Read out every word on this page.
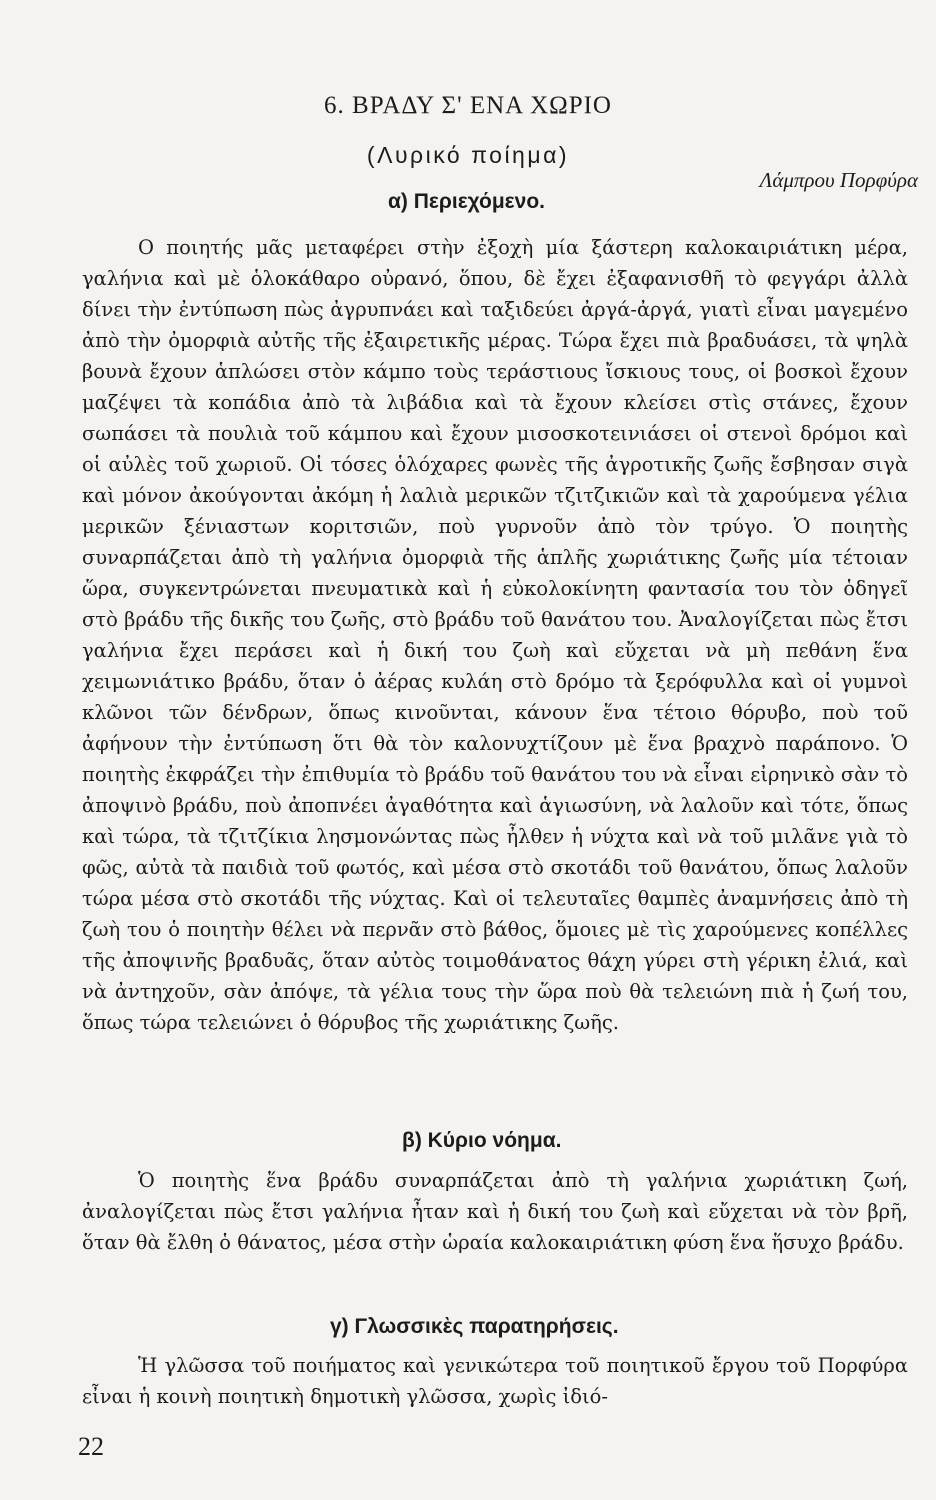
6. ΒΡΑΔΥ Σ' ΕΝΑ ΧΩΡΙΟ
(Λυρικό ποίημα)
Λάμπρου Πορφύρα
α) Περιεχόμενο.

Ο ποιητής μᾶς μεταφέρει στὴν ἐξοχὴ μία ξάστερη καλοκαιριάτικη μέρα, γαλήνια καὶ μὲ ὁλοκάθαρο οὐρανό, ὅπου, δὲ ἔχει ἐξαφανισθῆ τὸ φεγγάρι ἀλλὰ δίνει τὴν ἐντύπωση πὼς ἀγρυπνάει καὶ ταξιδεύει ἀργά-ἀργά, γιατὶ εἶναι μαγεμένο ἀπὸ τὴν ὀμορφιὰ αὐτῆς τῆς ἐξαιρετικῆς μέρας. Τώρα ἔχει πιὰ βραδυάσει, τὰ ψηλὰ βουνὰ ἔχουν ἁπλώσει στὸν κάμπο τοὺς τεράστιους ἴσκιους τους, οἱ βοσκοὶ ἔχουν μαζέψει τὰ κοπάδια ἀπὸ τὰ λιβάδια καὶ τὰ ἔχουν κλείσει στὶς στάνες, ἔχουν σωπάσει τὰ πουλιὰ τοῦ κάμπου καὶ ἔχουν μισοσκοτεινιάσει οἱ στενοὶ δρόμοι καὶ οἱ αὐλὲς τοῦ χωριοῦ. Οἱ τόσες ὁλόχαρες φωνὲς τῆς ἀγροτικῆς ζωῆς ἔσβησαν σιγὰ καὶ μόνον ἀκούγονται ἀκόμη ἡ λαλιὰ μερικῶν τζιτζικιῶν καὶ τὰ χαρούμενα γέλια μερικῶν ξένιαστων κοριτσιῶν, ποὺ γυρνοῦν ἀπὸ τὸν τρύγο. Ὁ ποιητὴς συναρπάζεται ἀπὸ τὴ γαλήνια ὀμορφιὰ τῆς ἁπλῆς χωριάτικης ζωῆς μία τέτοιαν ὥρα, συγκεντρώνεται πνευματικὰ καὶ ἡ εὐκολοκίνητη φαντασία του τὸν ὁδηγεῖ στὸ βράδυ τῆς δικῆς του ζωῆς, στὸ βράδυ τοῦ θανάτου του. Ἀναλογίζεται πὼς ἔτσι γαλήνια ἔχει περάσει καὶ ἡ δική του ζωὴ καὶ εὔχεται νὰ μὴ πεθάνη ἕνα χειμωνιάτικο βράδυ, ὅταν ὁ ἀέρας κυλάη στὸ δρόμο τὰ ξερόφυλλα καὶ οἱ γυμνοὶ κλῶνοι τῶν δένδρων, ὅπως κινοῦνται, κάνουν ἕνα τέτοιο θόρυβο, ποὺ τοῦ ἀφήνουν τὴν ἐντύπωση ὅτι θὰ τὸν καλονυχτίζουν μὲ ἕνα βραχνὸ παράπονο. Ὁ ποιητὴς ἐκφράζει τὴν ἐπιθυμία τὸ βράδυ τοῦ θανάτου του νὰ εἶναι εἰρηνικὸ σὰν τὸ ἀποψινὸ βράδυ, ποὺ ἀποπνέει ἀγαθότητα καὶ ἁγιωσύνη, νὰ λαλοῦν καὶ τότε, ὅπως καὶ τώρα, τὰ τζιτζίκια λησμονώντας πὼς ἦλθεν ἡ νύχτα καὶ νὰ τοῦ μιλᾶνε γιὰ τὸ φῶς, αὐτὰ τὰ παιδιὰ τοῦ φωτός, καὶ μέσα στὸ σκοτάδι τοῦ θανάτου, ὅπως λαλοῦν τώρα μέσα στὸ σκοτάδι τῆς νύχτας. Καὶ οἱ τελευταῖες θαμπὲς ἀναμνήσεις ἀπὸ τὴ ζωὴ του ὁ ποιητὴν θέλει νὰ περνᾶν στὸ βάθος, ὅμοιες μὲ τὶς χαρούμενες κοπέλλες τῆς ἀποψινῆς βραδυᾶς, ὅταν αὐτὸς τοιμοθάνατος θάχη γύρει στὴ γέρικη ἐλιά, καὶ νὰ ἀντηχοῦν, σὰν ἀπόψε, τὰ γέλια τους τὴν ὥρα ποὺ θὰ τελειώνη πιὰ ἡ ζωή του, ὅπως τώρα τελειώνει ὁ θόρυβος τῆς χωριάτικης ζωῆς.

β) Κύριο νόημα.

Ὁ ποιητὴς ἕνα βράδυ συναρπάζεται ἀπὸ τὴ γαλήνια χωριάτικη ζωή, ἀναλογίζεται πὼς ἔτσι γαλήνια ἦταν καὶ ἡ δική του ζωὴ καὶ εὔχεται νὰ τὸν βρῆ, ὅταν θὰ ἔλθη ὁ θάνατος, μέσα στὴν ὡραία καλοκαιριάτικη φύση ἕνα ἥσυχο βράδυ.

γ) Γλωσσικὲς παρατηρήσεις.

Ἡ γλῶσσα τοῦ ποιήματος καὶ γενικώτερα τοῦ ποιητικοῦ ἔργου τοῦ Πορφύρα εἶναι ἡ κοινὴ ποιητικὴ δημοτικὴ γλῶσσα, χωρὶς ἰδιό-

22
